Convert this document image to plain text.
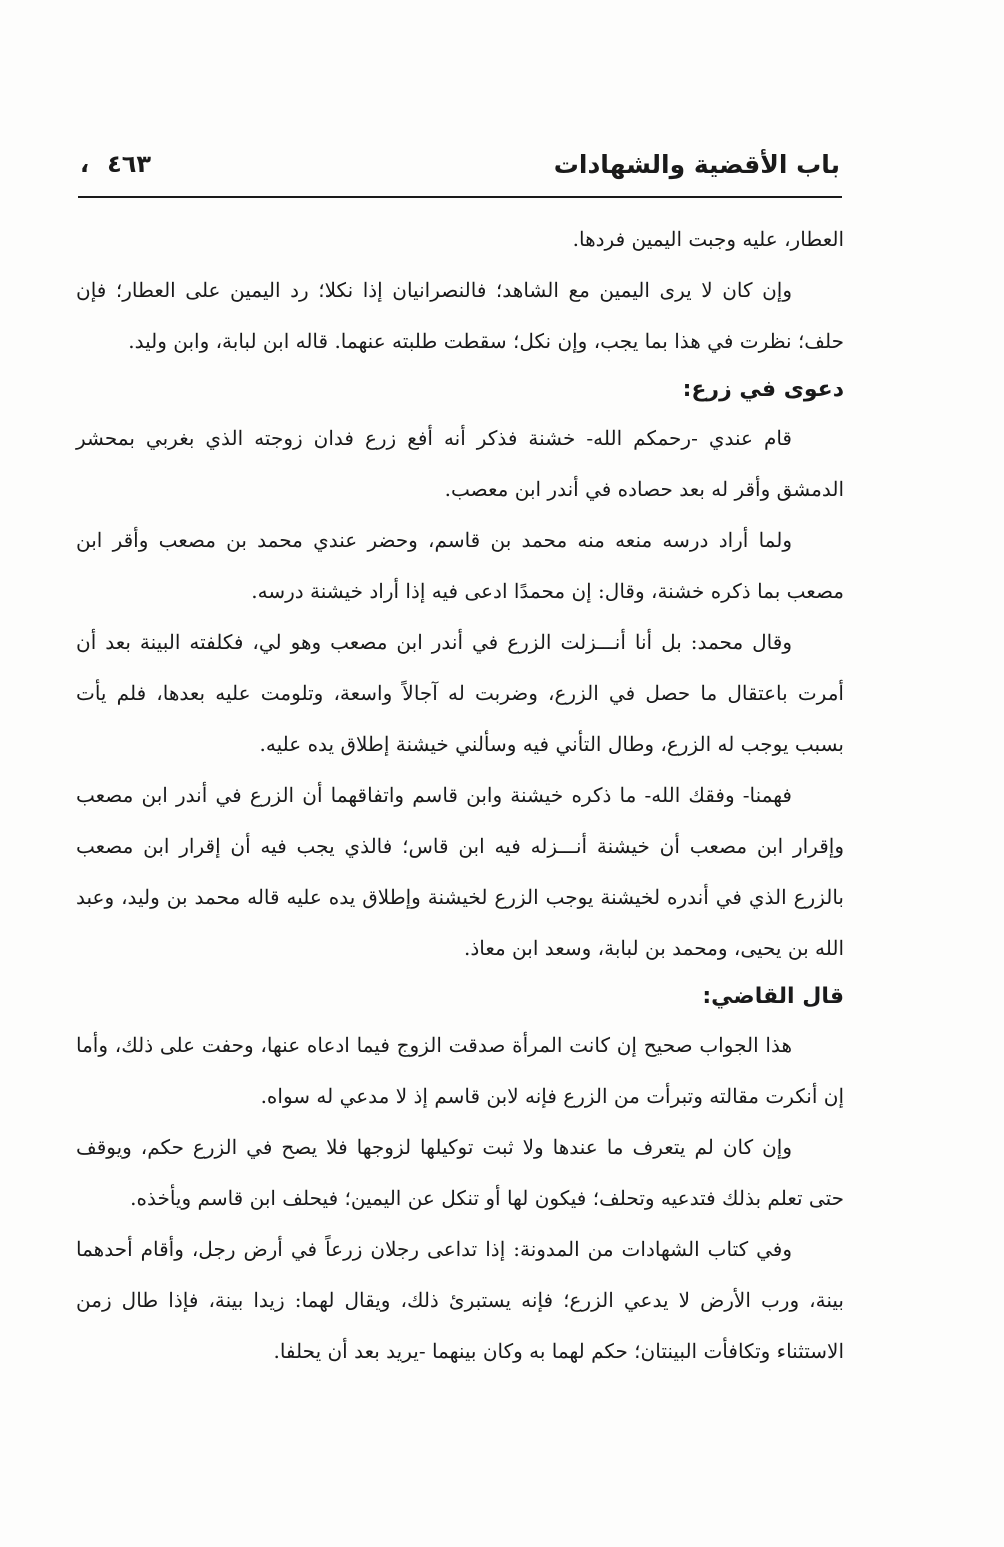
باب الأقضية والشهادات
٤٦٣،

العطار، عليه وجبت اليمين فردها.

وإن كان لا يرى اليمين مع الشاهد؛ فالنصرانيان إذا نكلا؛ رد اليمين على العطار؛ فإن حلف؛ نظرت في هذا بما يجب، وإن نكل؛ سقطت طلبته عنهما. قاله ابن لبابة، وابن وليد.

دعوى في زرع:

قام عندي -رحمكم الله- خشنة فذكر أنه أفع زرع فدان زوجته الذي بغربي بمحشر الدمشق وأقر له بعد حصاده في أندر ابن معصب.

ولما أراد درسه منعه منه محمد بن قاسم، وحضر عندي محمد بن مصعب وأقر ابن مصعب بما ذكره خشنة، وقال: إن محمدًا ادعى فيه إذا أراد خيشنة درسه.

وقال محمد: بل أنا أنـــزلت الزرع في أندر ابن مصعب وهو لي، فكلفته البينة بعد أن أمرت باعتقال ما حصل في الزرع، وضربت له آجالاً واسعة، وتلومت عليه بعدها، فلم يأت بسبب يوجب له الزرع، وطال التأني فيه وسألني خيشنة إطلاق يده عليه.

فهمنا- وفقك الله- ما ذكره خيشنة وابن قاسم واتفاقهما أن الزرع في أندر ابن مصعب وإقرار ابن مصعب أن خيشنة أنـــزله فيه ابن قاس؛ فالذي يجب فيه أن إقرار ابن مصعب بالزرع الذي في أندره لخيشنة يوجب الزرع لخيشنة وإطلاق يده عليه قاله محمد بن وليد، وعبد الله بن يحيى، ومحمد بن لبابة، وسعد ابن معاذ.

قال القاضي:

هذا الجواب صحيح إن كانت المرأة صدقت الزوج فيما ادعاه عنها، وحفت على ذلك، وأما إن أنكرت مقالته وتبرأت من الزرع فإنه لابن قاسم إذ لا مدعي له سواه.

وإن كان لم يتعرف ما عندها ولا ثبت توكيلها لزوجها فلا يصح في الزرع حكم، ويوقف حتى تعلم بذلك فتدعيه وتحلف؛ فيكون لها أو تنكل عن اليمين؛ فيحلف ابن قاسم ويأخذه.

وفي كتاب الشهادات من المدونة: إذا تداعى رجلان زرعاً في أرض رجل، وأقام أحدهما بينة، ورب الأرض لا يدعي الزرع؛ فإنه يستبرئ ذلك، ويقال لهما: زيدا بينة، فإذا طال زمن الاستثناء وتكافأت البينتان؛ حكم لهما به وكان بينهما -يريد بعد أن يحلفا.
